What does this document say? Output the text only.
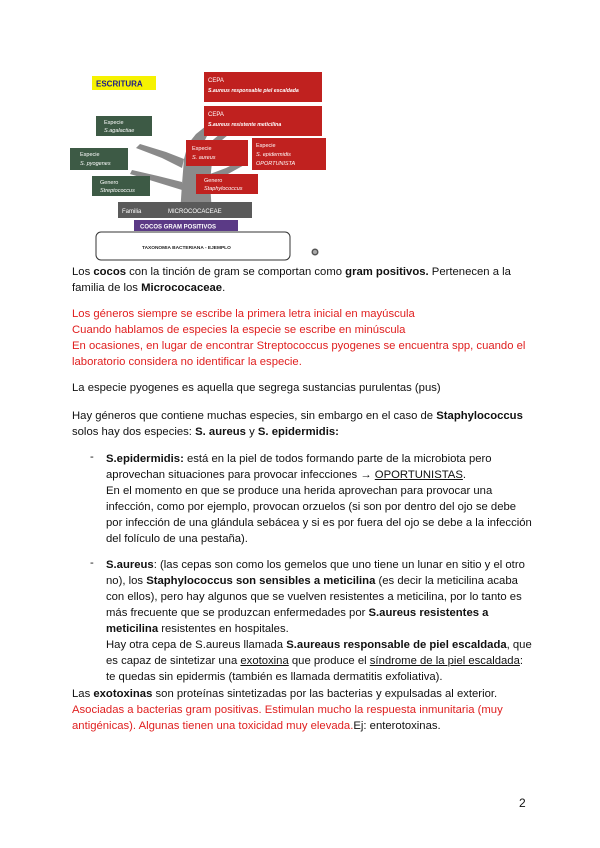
ESCRITURA	CEPA
S.aureus responsable piel escaldada
CEPA
S.aureus resistente meticilina
Especie
S.agalactiae
Especie
S. pyogenes
Especie
S. aureus
Especie
S. epidermidis
OPORTUNISTA
Genero
Streptococcus
Genero
Staphylococcus
Familia	MICROCOCACEAE
COCOS GRAM POSITIVOS
TAXONOMIA BACTERIANA - EJEMPLO
Los cocos con la tinción de gram se comportan como gram positivos. Pertenecen a la
familia de los Micrococaceae.
Los géneros siempre se escribe la primera letra inicial en mayúscula
Cuando hablamos de especies la especie se escribe en minúscula
En ocasiones, en lugar de encontrar Streptococcus pyogenes se encuentra spp, cuando el
laboratorio considera no identificar la especie.
La especie pyogenes es aquella que segrega sustancias purulentas (pus)
Hay géneros que contiene muchas especies, sin embargo en el caso de Staphylococcus
solos hay dos especies: S. aureus y S. epidermidis:
- S.epidermidis: está en la piel de todos formando parte de la microbiota pero
aprovechan situaciones para provocar infecciones → OPORTUNISTAS.
En el momento en que se produce una herida aprovechan para provocar una
infección, como por ejemplo, provocan orzuelos (si son por dentro del ojo se debe
por infección de una glándula sebácea y si es por fuera del ojo se debe a la infección
del folículo de una pestaña).
- S.aureus: (las cepas son como los gemelos que uno tiene un lunar en sitio y el otro
no), los Staphylococcus son sensibles a meticilina (es decir la meticilina acaba
con ellos), pero hay algunos que se vuelven resistentes a meticilina, por lo tanto es
más frecuente que se produzcan enfermedades por S.aureus resistentes a
meticilina resistentes en hospitales.
Hay otra cepa de S.aureus llamada S.aureaus responsable de piel escaldada, que
es capaz de sintetizar una exotoxina que produce el síndrome de la piel escaldada:
te quedas sin epidermis (también es llamada dermatitis exfoliativa).
Las exotoxinas son proteínas sintetizadas por las bacterias y expulsadas al exterior.
Asociadas a bacterias gram positivas. Estimulan mucho la respuesta inmunitaria (muy
antigénicas). Algunas tienen una toxicidad muy elevada.Ej: enterotoxinas.
2
